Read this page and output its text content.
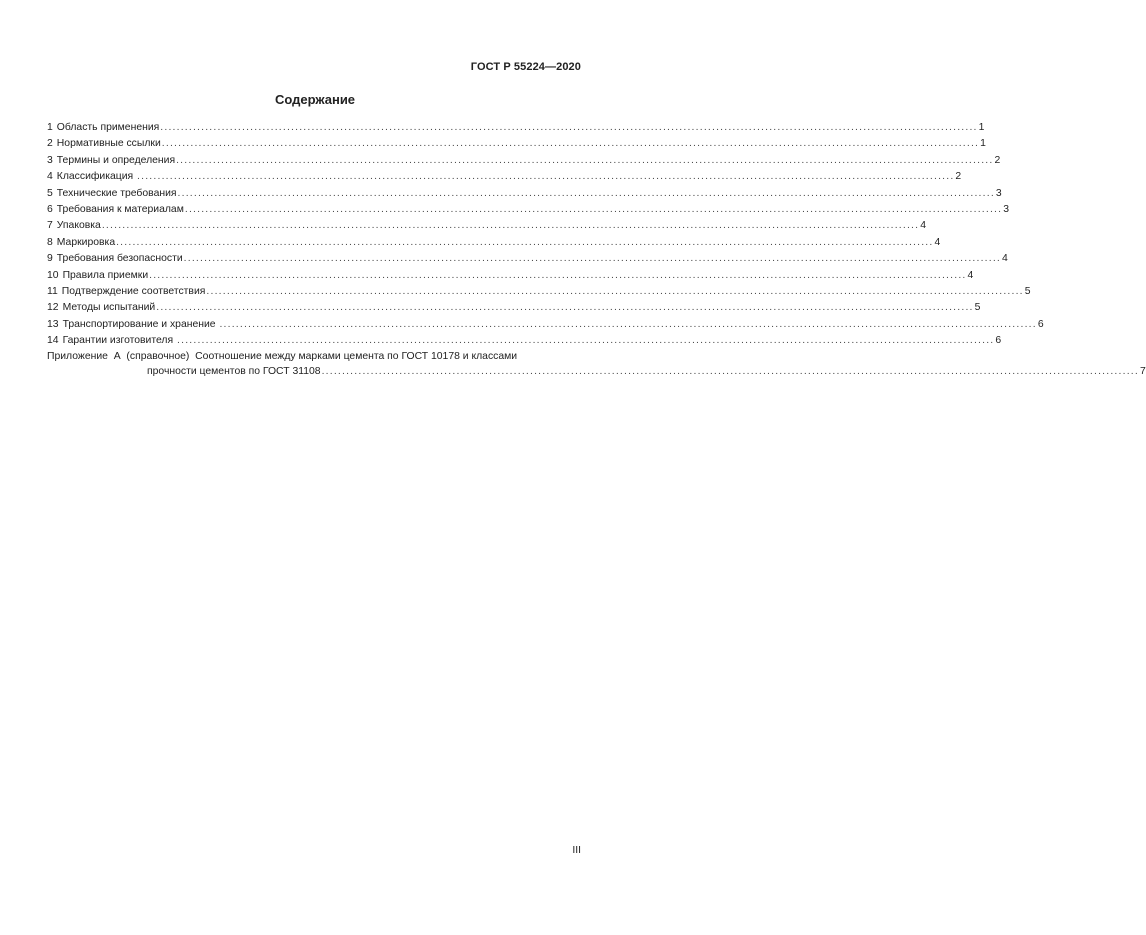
ГОСТ Р 55224—2020
Содержание
1 Область применения ........................................................................................................................................................................................................ 1
2 Нормативные ссылки ........................................................................................................................................................................................................ 1
3 Термины и определения ........................................................................................................................................................................................................ 2
4 Классификация ........................................................................................................................................................................................................ 2
5 Технические требования ........................................................................................................................................................................................................ 3
6 Требования к материалам ........................................................................................................................................................................................................ 3
7 Упаковка ........................................................................................................................................................................................................ 4
8 Маркировка ........................................................................................................................................................................................................ 4
9 Требования безопасности ........................................................................................................................................................................................................ 4
10 Правила приемки ........................................................................................................................................................................................................ 4
11 Подтверждение соответствия ........................................................................................................................................................................................................ 5
12 Методы испытаний ........................................................................................................................................................................................................ 5
13 Транспортирование и хранение ........................................................................................................................................................................................................ 6
14 Гарантии изготовителя ........................................................................................................................................................................................................ 6
Приложение  А  (справочное) Соотношение между марками цемента по ГОСТ 10178 и классами
прочности цементов по ГОСТ 31108 ........................................................................................................................................................................................................ 7
III
